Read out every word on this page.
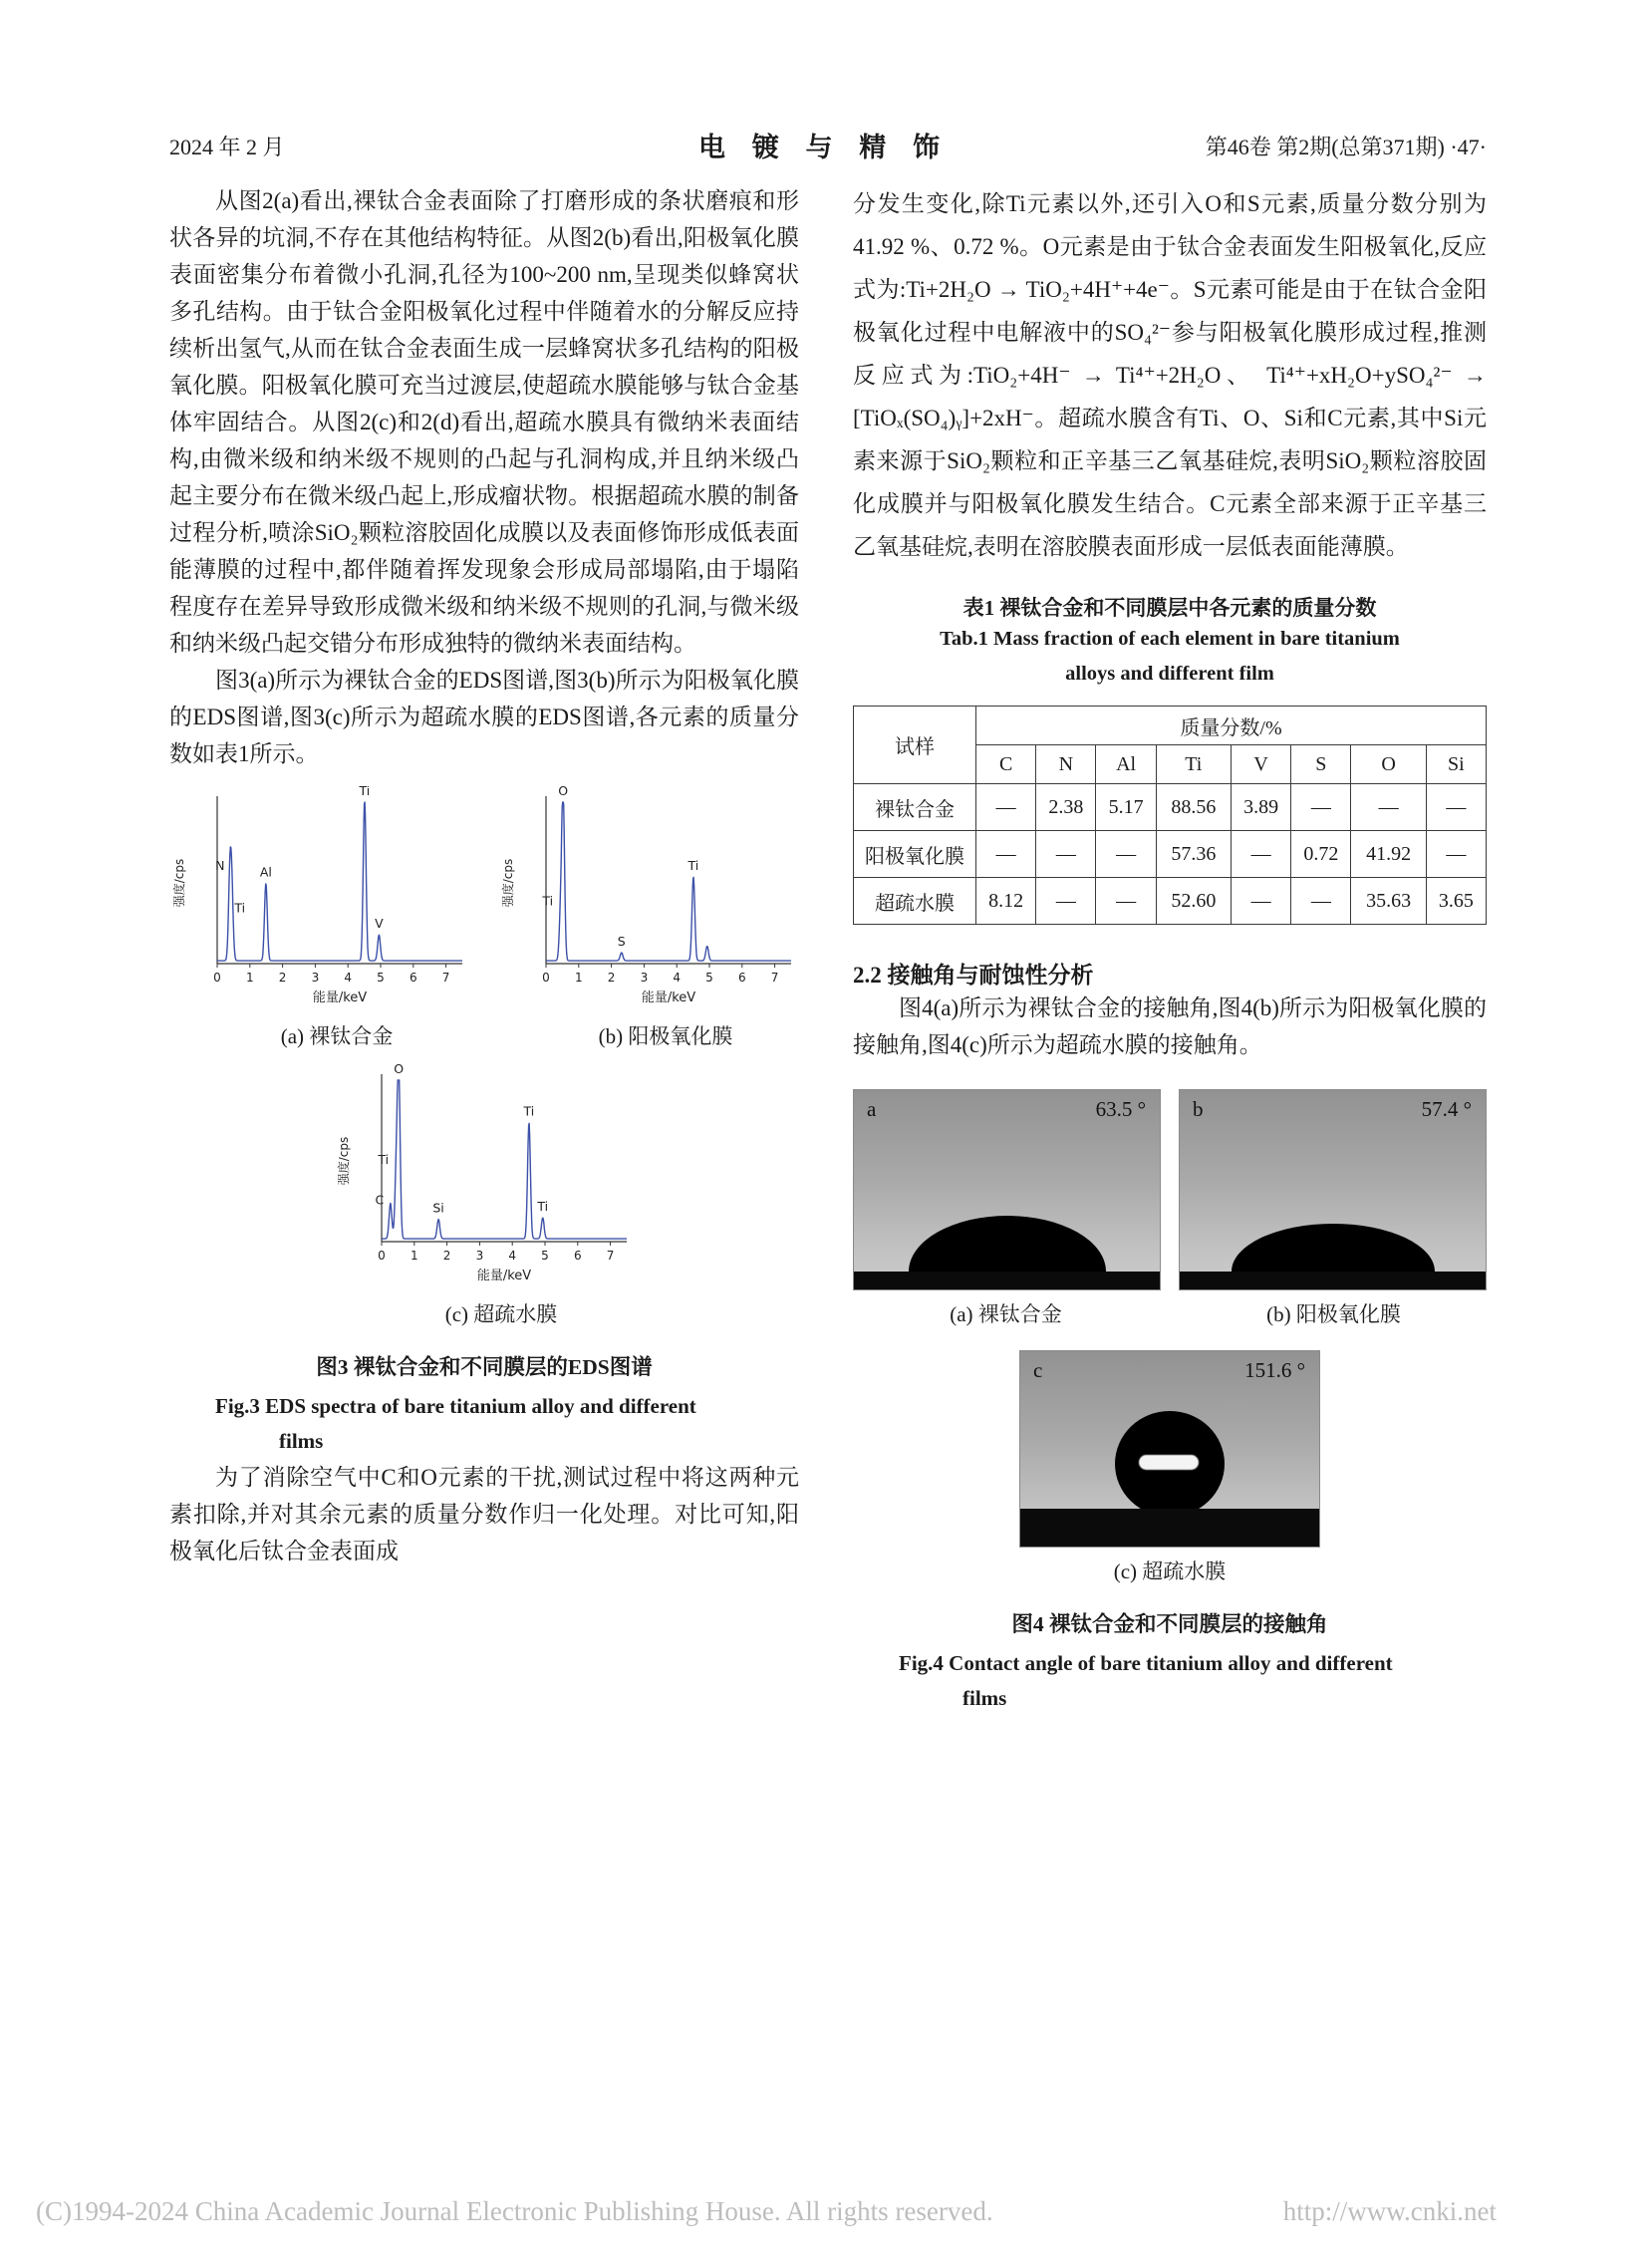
2024 年 2 月	电 镀 与 精 饰	第46卷 第2期(总第371期) ·47·

从图2(a)看出,裸钛合金表面除了打磨形成的条状磨痕和形状各异的坑洞,不存在其他结构特征。从图2(b)看出,阳极氧化膜表面密集分布着微小孔洞,孔径为100~200 nm,呈现类似蜂窝状多孔结构。由于钛合金阳极氧化过程中伴随着水的分解反应持续析出氢气,从而在钛合金表面生成一层蜂窝状多孔结构的阳极氧化膜。阳极氧化膜可充当过渡层,使超疏水膜能够与钛合金基体牢固结合。从图2(c)和2(d)看出,超疏水膜具有微纳米表面结构,由微米级和纳米级不规则的凸起与孔洞构成,并且纳米级凸起主要分布在微米级凸起上,形成瘤状物。根据超疏水膜的制备过程分析,喷涂SiO₂颗粒溶胶固化成膜以及表面修饰形成低表面能薄膜的过程中,都伴随着挥发现象会形成局部塌陷,由于塌陷程度存在差异导致形成微米级和纳米级不规则的孔洞,与微米级和纳米级凸起交错分布形成独特的微纳米表面结构。

图3(a)所示为裸钛合金的EDS图谱,图3(b)所示为阳极氧化膜的EDS图谱,图3(c)所示为超疏水膜的EDS图谱,各元素的质量分数如表1所示。

0 1 2 3 4 5 6 7
能量/keV
强度/cps N
Ti
Al
Ti
V
(a) 裸钛合金
0 1 2 3 4 5 6 7
能量/keV
强度/cps
O
Ti
S
Ti
(b) 阳极氧化膜
0 1 2 3 4 5 6 7
能量/keV
强度/cps
O
Ti
C
Si
Ti
Ti
(c) 超疏水膜
图3 裸钛合金和不同膜层的EDS图谱
Fig.3 EDS spectra of bare titanium alloy and different
films

为了消除空气中C和O元素的干扰,测试过程中将这两种元素扣除,并对其余元素的质量分数作归一化处理。对比可知,阳极氧化后钛合金表面成

分发生变化,除Ti元素以外,还引入O和S元素,质量分数分别为41.92 %、0.72 %。O元素是由于钛合金表面发生阳极氧化,反应式为:Ti+2H₂O → TiO₂+4H⁺+4e⁻。S元素可能是由于在钛合金阳极氧化过程中电解液中的SO₄²⁻参与阳极氧化膜形成过程,推测反应式为:TiO₂+4H⁻ → Ti⁴⁺+2H₂O、 Ti⁴⁺+xH₂O+ySO₄²⁻ → [TiOₓ(SO₄)ᵧ]+2xH⁻。超疏水膜含有Ti、O、Si和C元素,其中Si元素来源于SiO₂颗粒和正辛基三乙氧基硅烷,表明SiO₂颗粒溶胶固化成膜并与阳极氧化膜发生结合。C元素全部来源于正辛基三乙氧基硅烷,表明在溶胶膜表面形成一层低表面能薄膜。

表1 裸钛合金和不同膜层中各元素的质量分数
Tab.1 Mass fraction of each element in bare titanium
alloys and different film
试样	质量分数/%							
	C	N	Al	Ti	V	S	O	Si
裸钛合金	—	2.38	5.17	88.56	3.89	—	—	—
阳极氧化膜	—	—	—	57.36	—	0.72	41.92	—
超疏水膜	8.12	—	—	52.60	—	—	35.63	3.65
2.2 接触角与耐蚀性分析

图4(a)所示为裸钛合金的接触角,图4(b)所示为阳极氧化膜的接触角,图4(c)所示为超疏水膜的接触角。

a	63.5 ° b	57.4 °
(a) 裸钛合金	(b) 阳极氧化膜
c	151.6 °
(c) 超疏水膜
图4 裸钛合金和不同膜层的接触角
Fig.4 Contact angle of bare titanium alloy and different
films
(C)1994-2024 China Academic Journal Electronic Publishing House. All rights reserved.	http://www.cnki.net
